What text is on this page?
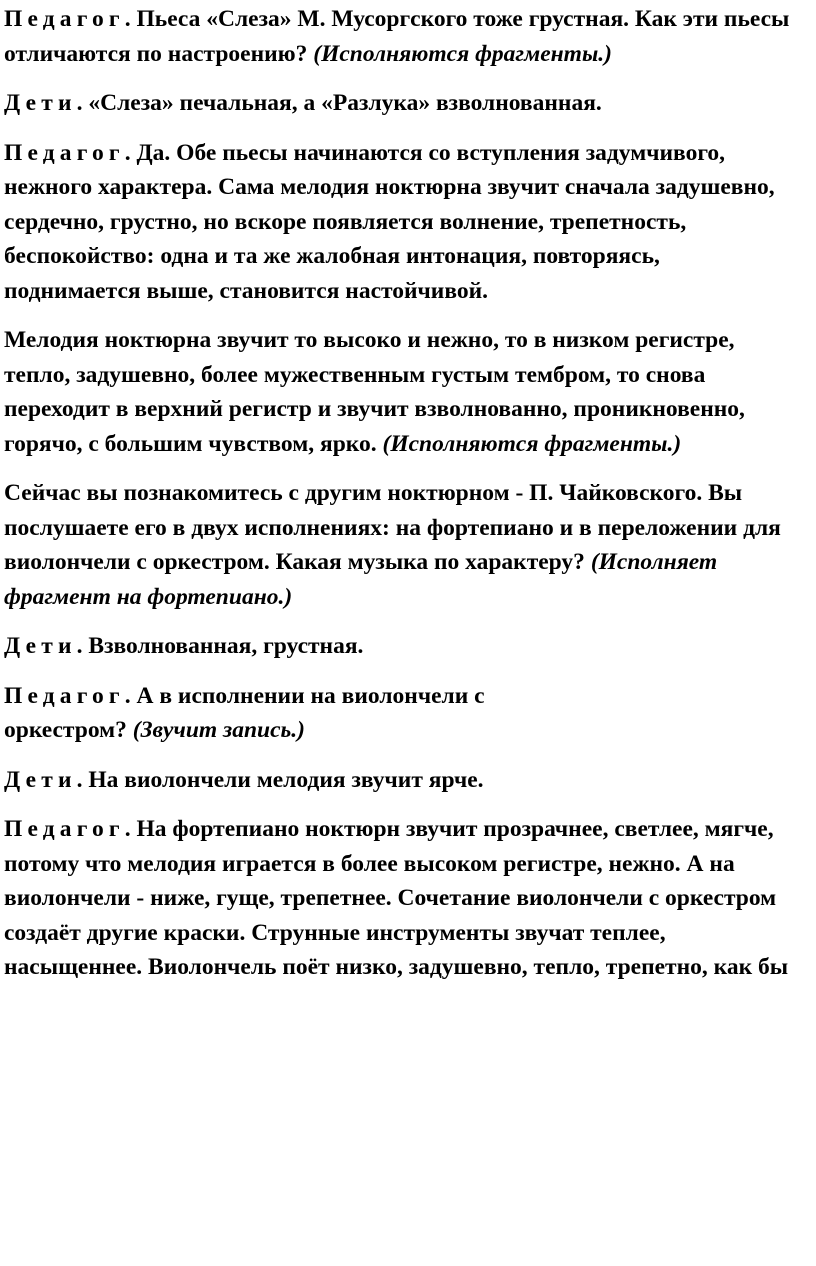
Педагог. Пьеса «Слеза» М. Мусоргского тоже грустная. Как эти пьесы отличаются по настроению? (Исполняются фрагменты.)

Дети. «Слеза» печальная, а «Разлука» взволнованная.

Педагог. Да. Обе пьесы начинаются со вступления задумчивого, нежного характера. Сама мелодия ноктюрна звучит сначала задушевно, сердечно, грустно, но вскоре появляется волнение, трепетность, беспокойство: одна и та же жалобная интонация, повторяясь, поднимается выше, становится настойчивой.

Мелодия ноктюрна звучит то высоко и нежно, то в низком регистре, тепло, задушевно, более мужественным густым тембром, то снова переходит в верхний регистр и звучит взволнованно, проникновенно, горячо, с большим чувством, ярко. (Исполняются фрагменты.)

Сейчас вы познакомитесь с другим ноктюрном - П. Чайковского. Вы послушаете его в двух исполнениях: на фортепиано и в переложении для виолончели с оркестром. Какая музыка по характеру? (Исполняет фрагмент на фортепиано.)

Дети. Взволнованная, грустная.

Педагог. А в исполнении на виолончели с оркестром? (Звучит запись.)

Дети. На виолончели мелодия звучит ярче.

Педагог. На фортепиано ноктюрн звучит прозрачнее, светлее, мягче, потому что мелодия играется в более высоком регистре, нежно. А на виолончели - ниже, гуще, трепетнее. Сочетание виолончели с оркестром создаёт другие краски. Струнные инструменты звучат теплее, насыщеннее. Виолончель поёт низко, задушевно, тепло, трепетно, как бы
